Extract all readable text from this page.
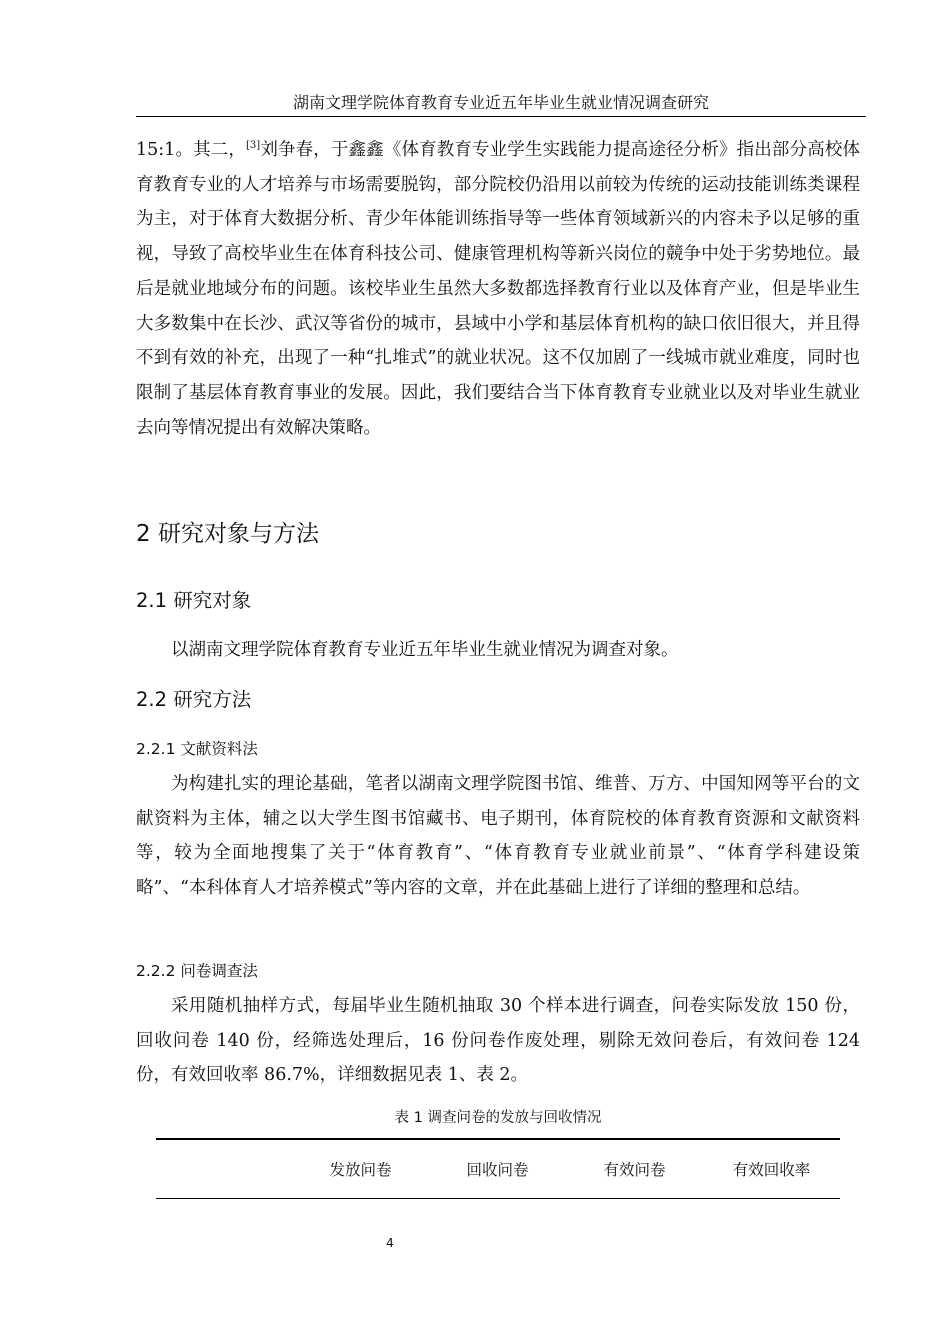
湖南文理学院体育教育专业近五年毕业生就业情况调查研究

15:1。其二，[3]刘争春，于鑫鑫《体育教育专业学生实践能力提高途径分析》指出部分高校体育教育专业的人才培养与市场需要脱钩，部分院校仍沿用以前较为传统的运动技能训练类课程为主，对于体育大数据分析、青少年体能训练指导等一些体育领域新兴的内容未予以足够的重视，导致了高校毕业生在体育科技公司、健康管理机构等新兴岗位的競争中处于劣势地位。最后是就业地域分布的问题。该校毕业生虽然大多数都选择教育行业以及体育产业，但是毕业生大多数集中在长沙、武汉等省份的城市，县域中小学和基层体育机构的缺口依旧很大，并且得不到有效的补充，出现了一种“扎堆式”的就业状况。这不仅加剧了一线城市就业难度，同时也限制了基层体育教育事业的发展。因此，我们要结合当下体育教育专业就业以及对毕业生就业去向等情况提出有效解决策略。

2 研究对象与方法
2.1 研究对象

以湖南文理学院体育教育专业近五年毕业生就业情况为调查对象。

2.2 研究方法
2.2.1 文献资料法

为构建扎实的理论基础，笔者以湖南文理学院图书馆、维普、万方、中国知网等平台的文献资料为主体，辅之以大学生图书馆藏书、电子期刊，体育院校的体育教育资源和文献资料等，较为全面地搜集了关于“体育教育”、“体育教育专业就业前景”、“体育学科建设策略”、“本科体育人才培养模式”等内容的文章，并在此基础上进行了详细的整理和总结。

2.2.2 问卷调查法

采用随机抽样方式，每届毕业生随机抽取 30 个样本进行调查，问卷实际发放 150 份，回收问卷 140 份，经筛选处理后，16 份问卷作废处理，剔除无效问卷后，有效问卷 124 份，有效回收率 86.7%，详细数据见表 1、表 2。

表 1 调查问卷的发放与回收情况
	发放问卷	回收问卷	有效问卷	有效回收率
4
